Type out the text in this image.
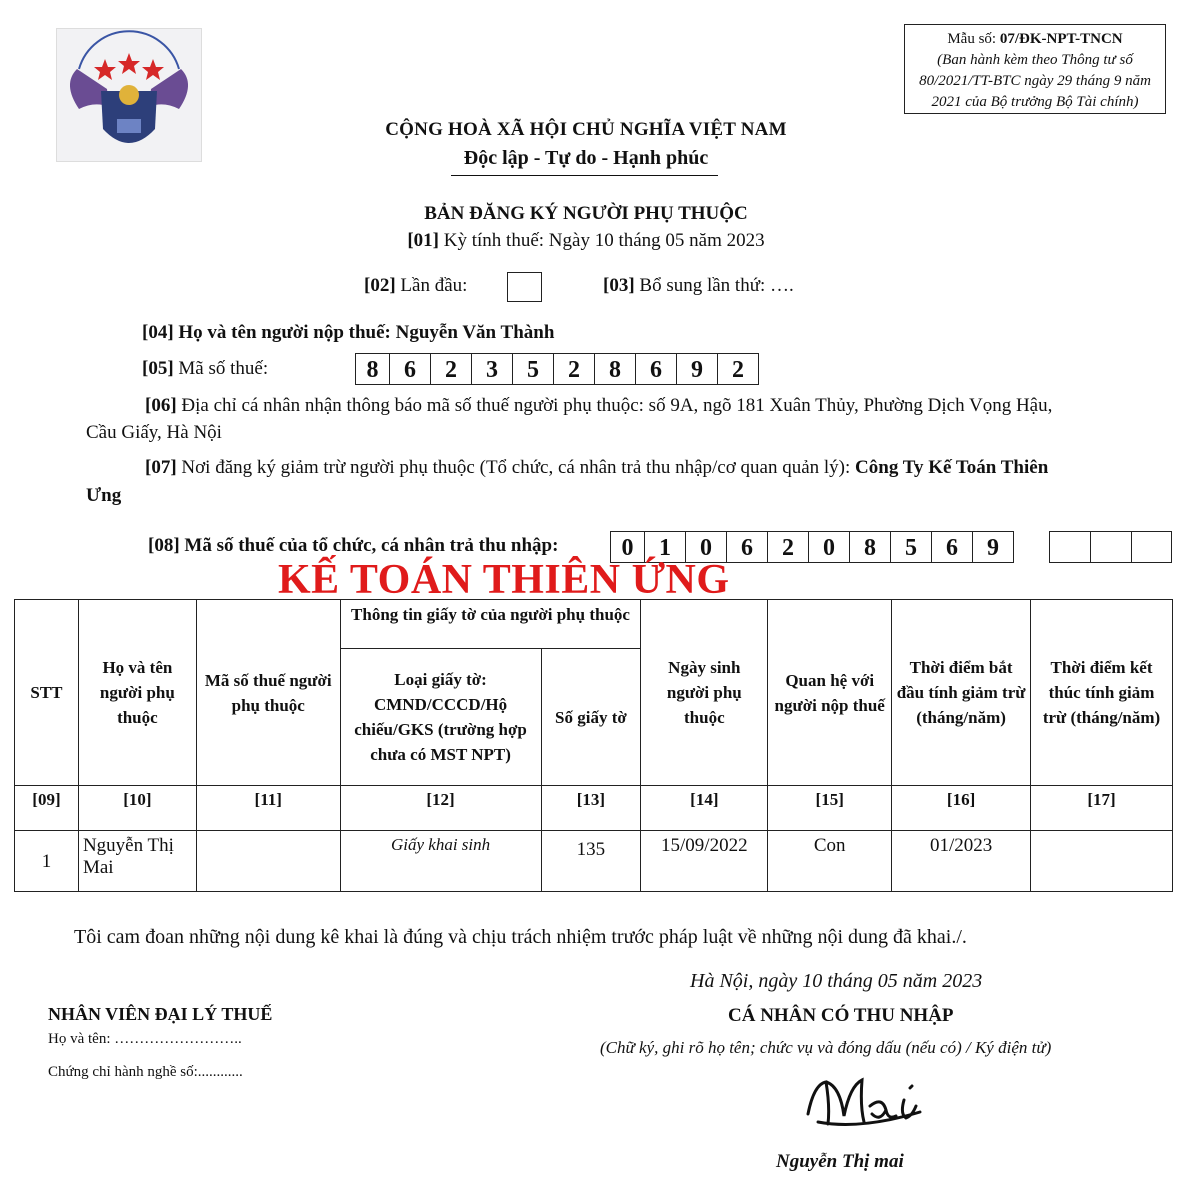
Mẫu số: 07/ĐK-NPT-TNCN
(Ban hành kèm theo Thông tư số 80/2021/TT-BTC ngày 29 tháng 9 năm 2021 của Bộ trưởng Bộ Tài chính)
CỘNG HOÀ XÃ HỘI CHỦ NGHĨA VIỆT NAM
Độc lập - Tự do - Hạnh phúc
BẢN ĐĂNG KÝ NGƯỜI PHỤ THUỘC
[01] Kỳ tính thuế: Ngày 10 tháng 05 năm 2023
[02] Lần đầu:	[03] Bổ sung lần thứ: ….
[04] Họ và tên người nộp thuế: Nguyễn Văn Thành
[05] Mã số thuế:	8	6	2	3	5	2	8	6	9	2
[06] Địa chỉ cá nhân nhận thông báo mã số thuế người phụ thuộc: số 9A, ngõ 181 Xuân Thủy, Phường Dịch Vọng Hậu,
Cầu Giấy, Hà Nội
[07] Nơi đăng ký giảm trừ người phụ thuộc (Tổ chức, cá nhân trả thu nhập/cơ quan quản lý): Công Ty Kế Toán Thiên
Ưng
[08] Mã số thuế của tổ chức, cá nhân trả thu nhập:	0	1	0	6	2	0	8	5	6	9
KẾ TOÁN THIÊN ỨNG
STT	Họ và tên người phụ thuộc	Mã số thuế người phụ thuộc	Thông tin giấy tờ của người phụ thuộc		Ngày sinh người phụ thuộc	Quan hệ với người nộp thuế	Thời điểm bắt đầu tính giảm trừ (tháng/năm)	Thời điểm kết thúc tính giảm trừ (tháng/năm)
			Loại giấy tờ: CMND/CCCD/Hộ chiếu/GKS (trường hợp chưa có MST NPT)	Số giấy tờ				
[09]	[10]	[11]	[12]	[13]	[14]	[15]	[16]	[17]
1	Nguyễn Thị Mai		Giấy khai sinh	135	15/09/2022	Con	01/2023	
Tôi cam đoan những nội dung kê khai là đúng và chịu trách nhiệm trước pháp luật về những nội dung đã khai./.
Hà Nội, ngày 10 tháng 05 năm 2023
CÁ NHÂN CÓ THU NHẬP
(Chữ ký, ghi rõ họ tên; chức vụ và đóng dấu (nếu có) / Ký điện tử)
NHÂN VIÊN ĐẠI LÝ THUẾ
Họ và tên: ……………………..
Chứng chỉ hành nghề số:............
Nguyễn Thị mai
